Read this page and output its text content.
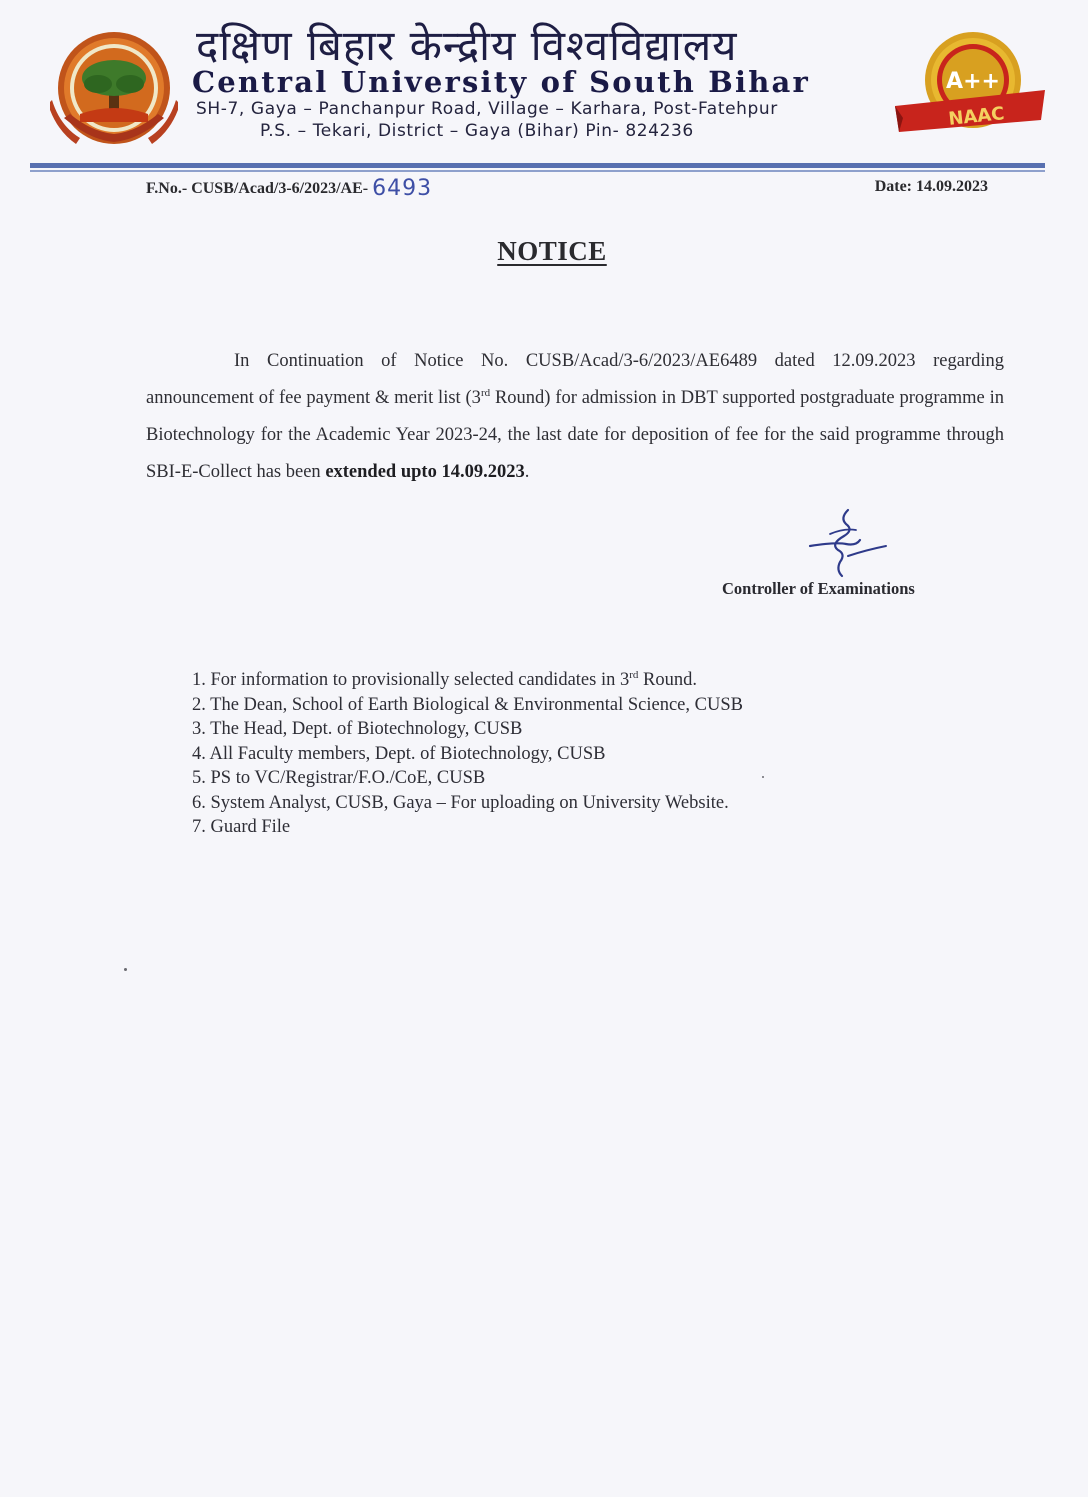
दक्षिण बिहार केन्द्रीय विश्वविद्यालय
Central University of South Bihar
SH-7, Gaya – Panchanpur Road, Village – Karhara, Post-Fatehpur
P.S. – Tekari, District – Gaya (Bihar) Pin- 824236
A++
NAAC
F.No.- CUSB/Acad/3-6/2023/AE- 6493	Date: 14.09.2023
NOTICE

In Continuation of Notice No. CUSB/Acad/3-6/2023/AE6489 dated 12.09.2023 regarding announcement of fee payment & merit list (3rd Round) for admission in DBT supported postgraduate programme in Biotechnology for the Academic Year 2023-24, the last date for deposition of fee for the said programme through SBI-E-Collect has been extended upto 14.09.2023.

Controller of Examinations
1. For information to provisionally selected candidates in 3rd Round.
2. The Dean, School of Earth Biological & Environmental Science, CUSB
3. The Head, Dept. of Biotechnology, CUSB
4. All Faculty members, Dept. of Biotechnology, CUSB
5. PS to VC/Registrar/F.O./CoE, CUSB
6. System Analyst, CUSB, Gaya – For uploading on University Website.
7. Guard File
